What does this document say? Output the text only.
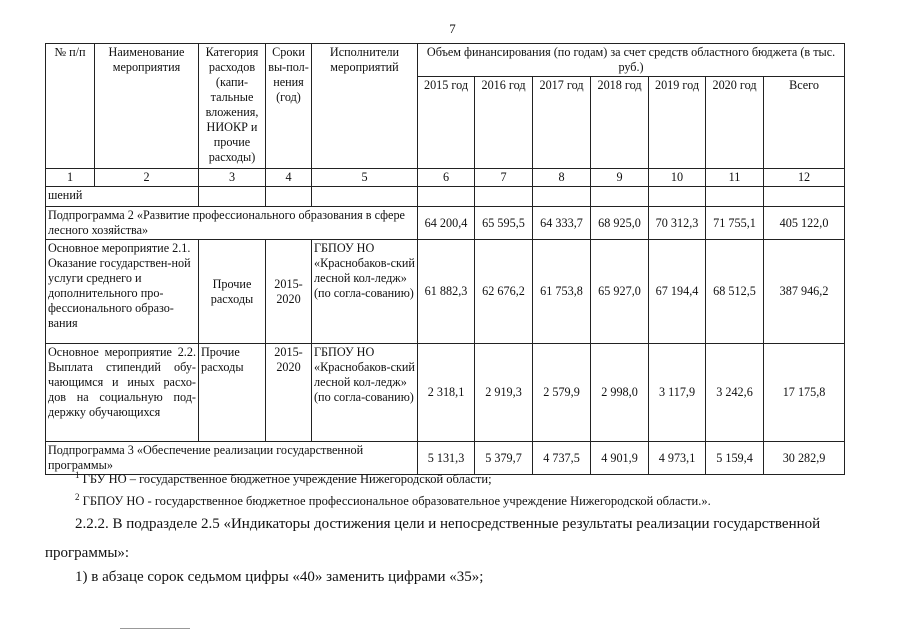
7
№ п/п	Наименование мероприятия	Категория расходов (капи-тальные вложения, НИОКР и прочие расходы)	Сроки вы-пол-нения (год)	Исполнители мероприятий	Объем финансирования (по годам) за счет средств областного бюджета (в тыс. руб.)						
					2015 год	2016 год	2017 год	2018 год	2019 год	2020 год	Всего
1	2	3	4	5	6	7	8	9	10	11	12
шений											
Подпрограмма 2 «Развитие профессионального образования в сфере лесного хозяйства»					64 200,4	65 595,5	64 333,7	68 925,0	70 312,3	71 755,1	405 122,0
Основное мероприятие 2.1. Оказание государствен-ной услуги среднего и дополнительного про-фессионального образо-вания		Прочие расходы	2015-2020	ГБПОУ НО «Краснобаков-ский лесной кол-ледж» (по согла-сованию)	61 882,3	62 676,2	61 753,8	65 927,0	67 194,4	68 512,5	387 946,2
Основное мероприятие 2.2. Выплата стипендий обу-чающимся и иных расхо-дов на социальную под-держку обучающихся		Прочие расходы	2015-2020	ГБПОУ НО «Краснобаков-ский лесной кол-ледж» (по согла-сованию)	2 318,1	2 919,3	2 579,9	2 998,0	3 117,9	3 242,6	17 175,8
Подпрограмма 3 «Обеспечение реализации государственной программы»					5 131,3	5 379,7	4 737,5	4 901,9	4 973,1	5 159,4	30 282,9
$^1$ ГБУ НО – государственное бюджетное учреждение Нижегородской области;
$^2$ ГБПОУ НО - государственное бюджетное профессиональное образовательное учреждение Нижегородской области.».
2.2.2. В подразделе 2.5 «Индикаторы достижения цели и непосредственные результаты реализации государственной
программы»:
1) в абзаце сорок седьмом цифры «40» заменить цифрами «35»;
